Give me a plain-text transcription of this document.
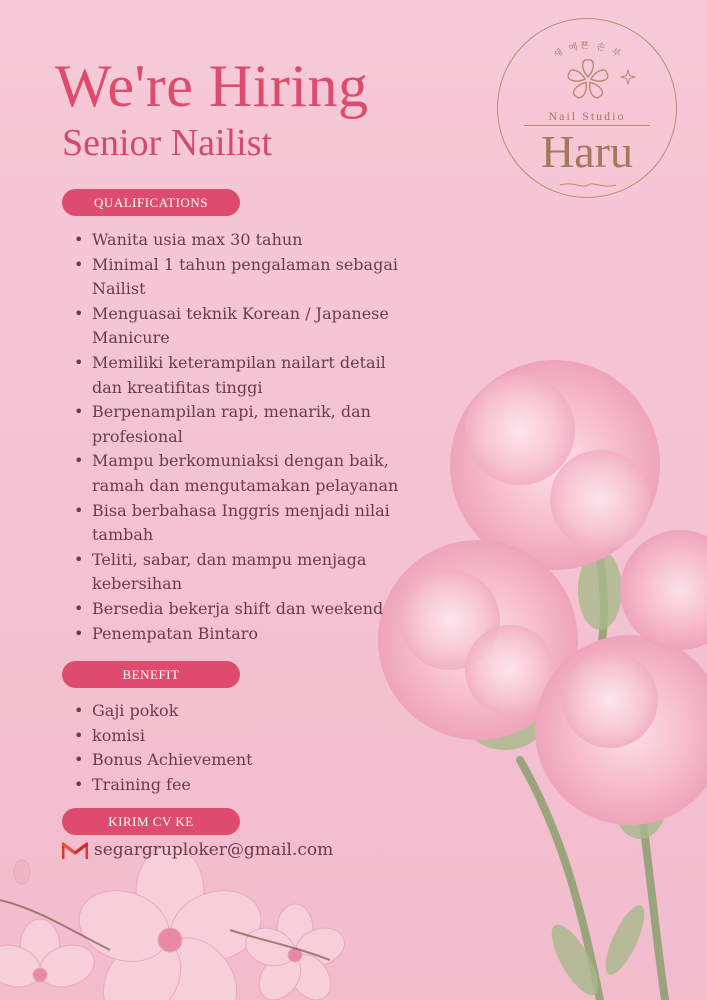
We're Hiring
Senior Nailist
새 예쁜 손 부
Nail Studio
Haru
QUALIFICATIONS
• Wanita usia max 30 tahun
• Minimal 1 tahun pengalaman sebagai
Nailist
• Menguasai teknik Korean / Japanese
Manicure
• Memiliki keterampilan nailart detail
dan kreatifitas tinggi
• Berpenampilan rapi, menarik, dan
profesional
• Mampu berkomuniaksi dengan baik,
ramah dan mengutamakan pelayanan
• Bisa berbahasa Inggris menjadi nilai
tambah
• Teliti, sabar, dan mampu menjaga
kebersihan
• Bersedia bekerja shift dan weekend
• Penempatan Bintaro
BENEFIT
• Gaji pokok
• komisi
• Bonus Achievement
• Training fee
KIRIM CV KE
segargruploker@gmail.com
